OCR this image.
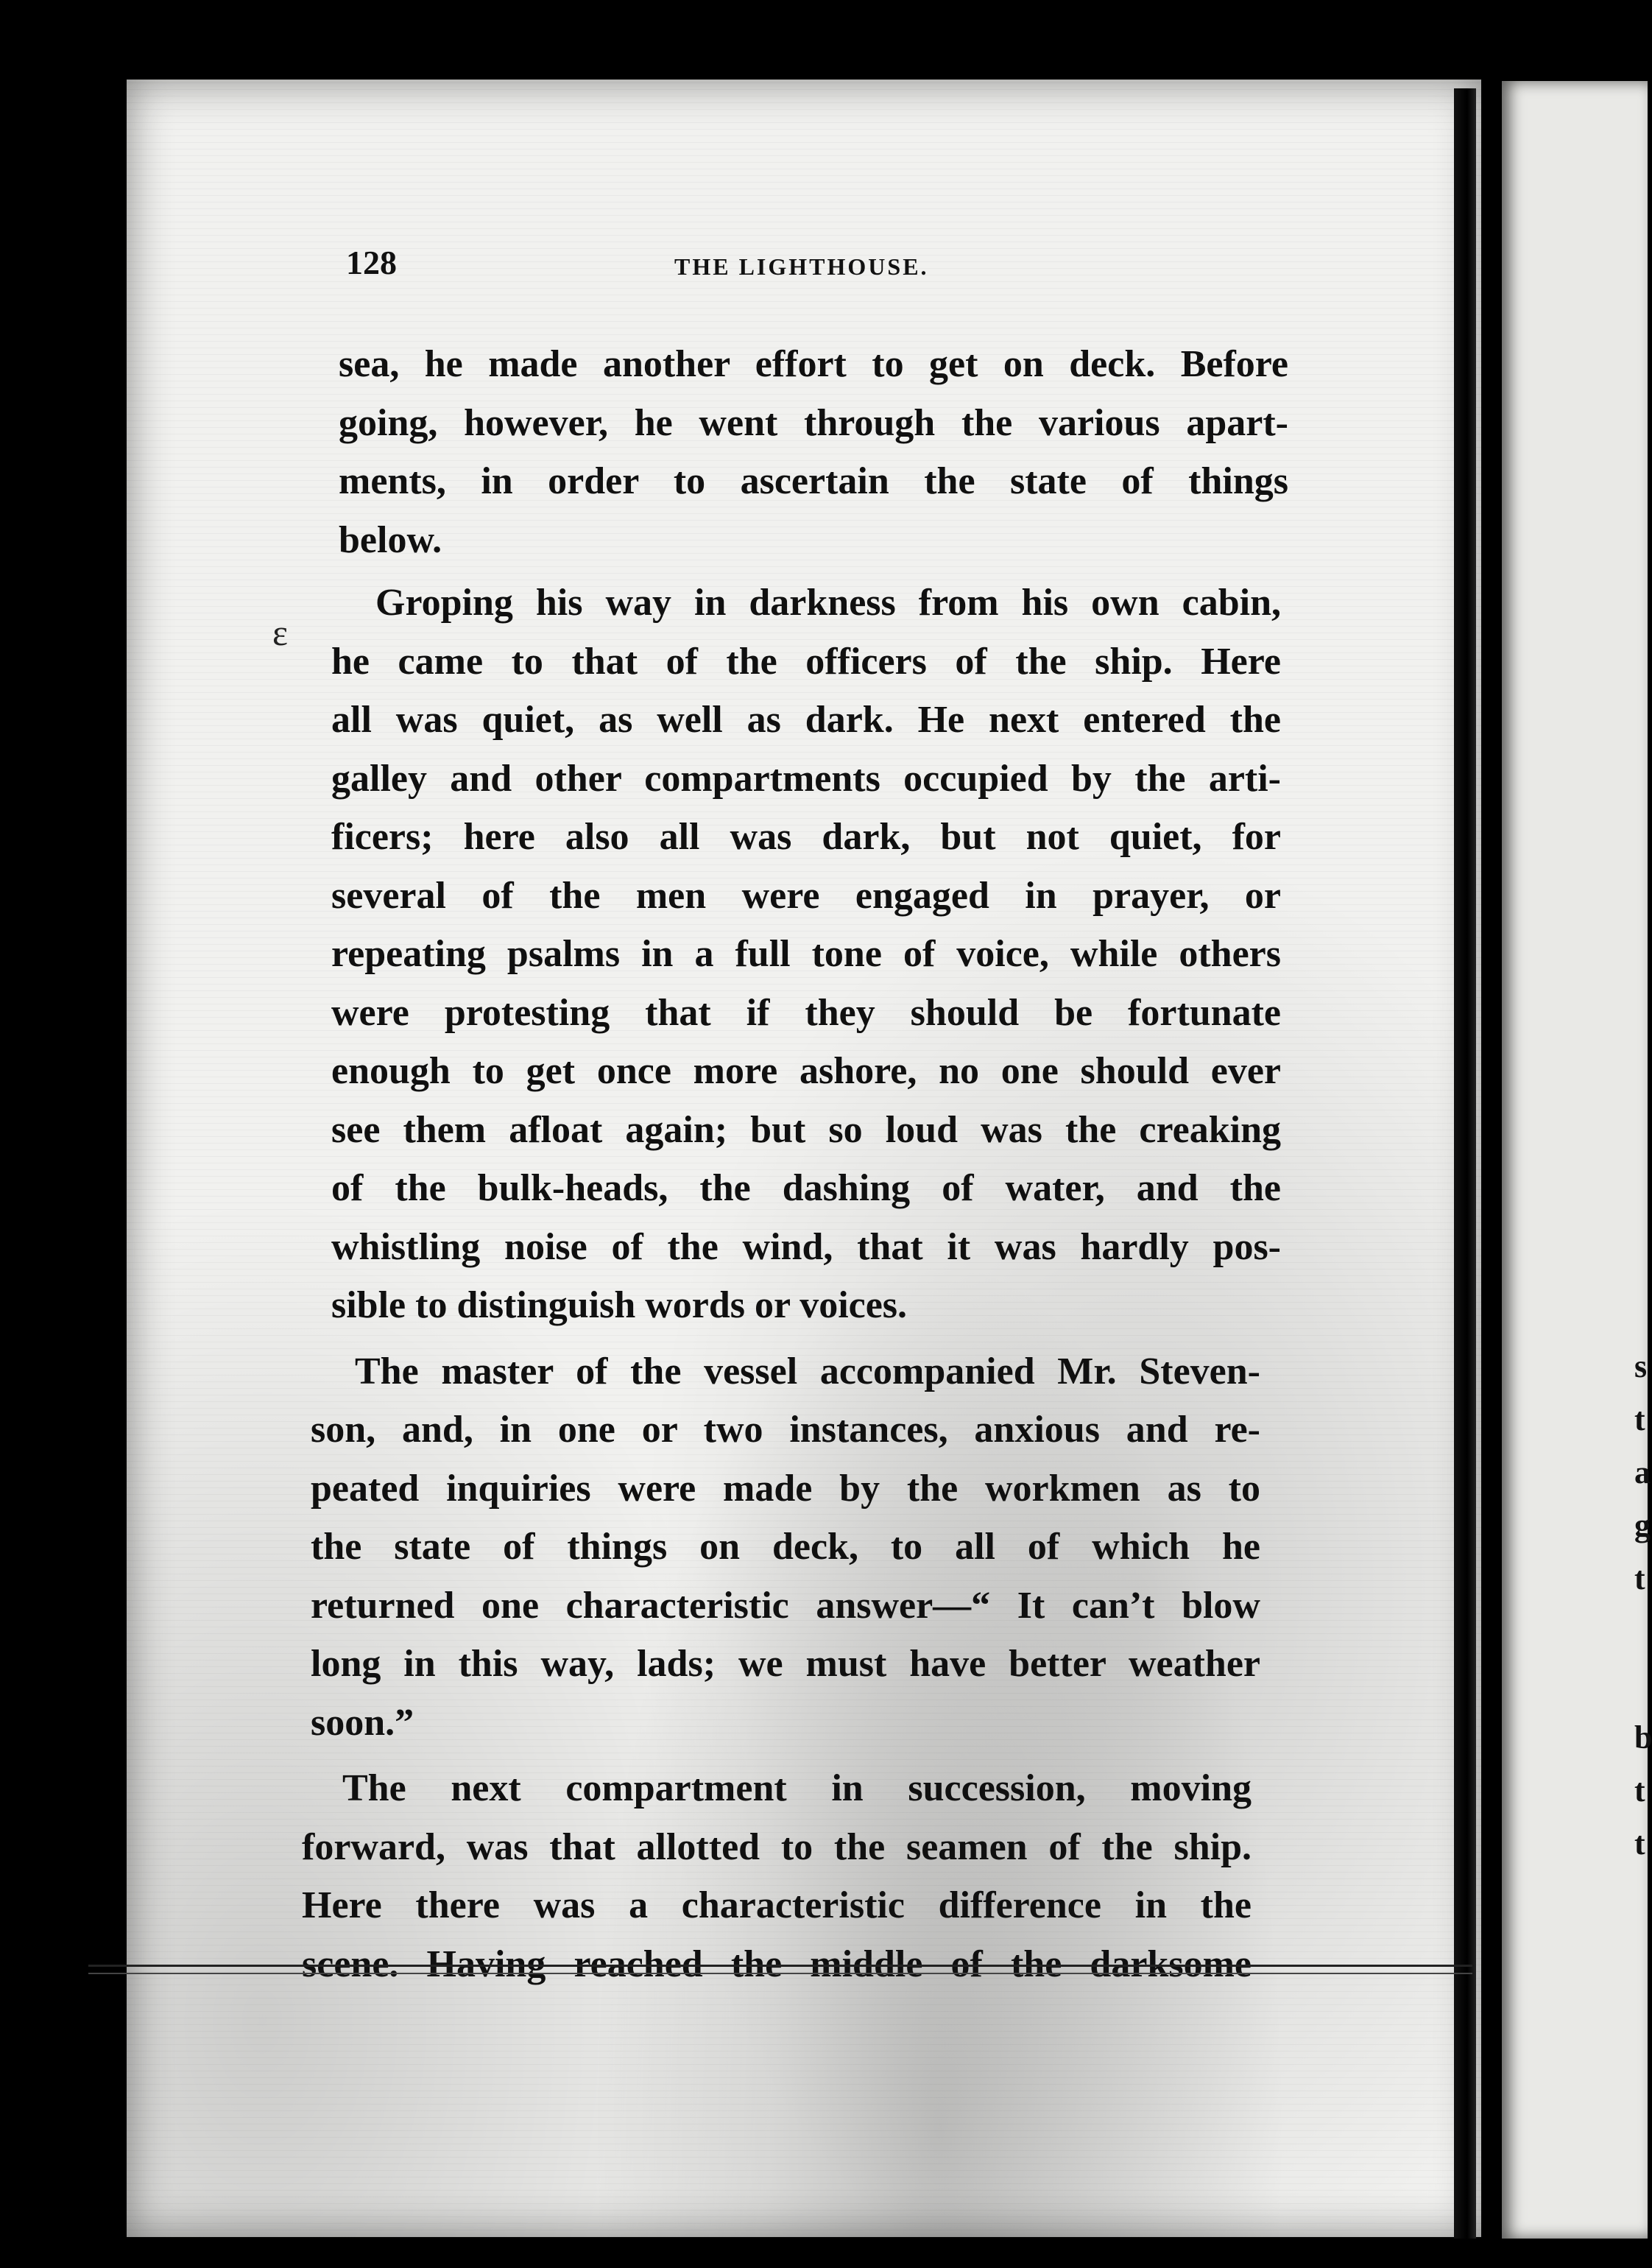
s
t
a
g
t

b
t
t
128	THE LIGHTHOUSE.
ε
sea, he made another effort to get on deck. Before
going, however, he went through the various apart-
ments, in order to ascertain the state of things
below.
Groping his way in darkness from his own cabin,
he came to that of the officers of the ship. Here
all was quiet, as well as dark. He next entered the
galley and other compartments occupied by the arti-
ficers; here also all was dark, but not quiet, for
several of the men were engaged in prayer, or
repeating psalms in a full tone of voice, while others
were protesting that if they should be fortunate
enough to get once more ashore, no one should ever
see them afloat again; but so loud was the creaking
of the bulk-heads, the dashing of water, and the
whistling noise of the wind, that it was hardly pos-
sible to distinguish words or voices.
The master of the vessel accompanied Mr. Steven-
son, and, in one or two instances, anxious and re-
peated inquiries were made by the workmen as to
the state of things on deck, to all of which he
returned one characteristic answer—“ It can’t blow
long in this way, lads; we must have better weather
soon.”
The next compartment in succession, moving
forward, was that allotted to the seamen of the ship.
Here there was a characteristic difference in the
scene. Having reached the middle of the darksome
